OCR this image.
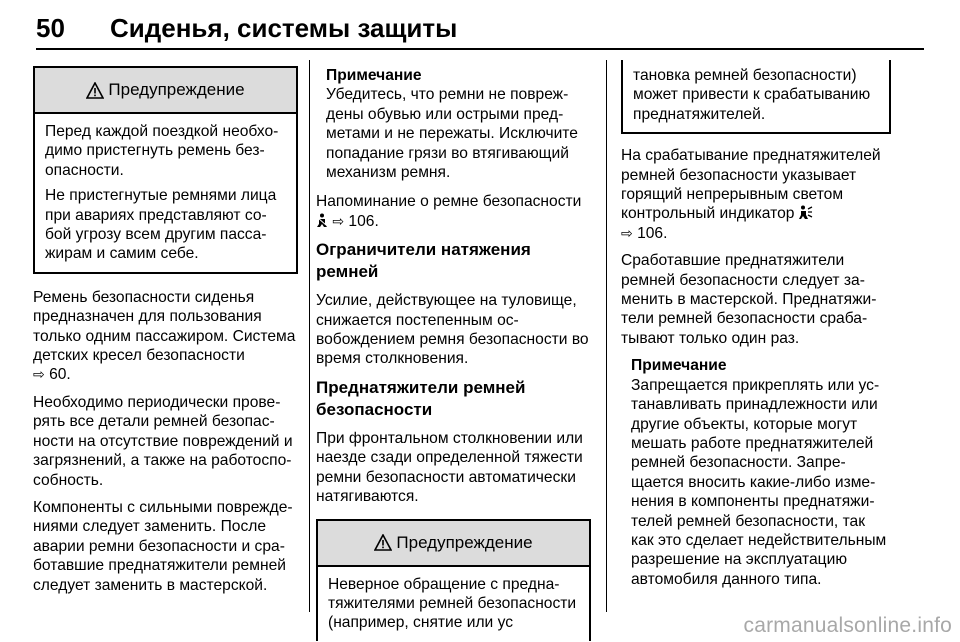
50 Сиденья, системы защиты
Предупреждение

Перед каждой поездкой необходимо пристегнуть ремень безопасности.

Не пристегнутые ремнями лица при авариях представляют собой угрозу всем другим пассажирам и самим себе.

Ремень безопасности сиденья предназначен для пользования только одним пассажиром. Система детских кресел безопасности
⇨ 60.

Необходимо периодически проверять все детали ремней безопасности на отсутствие повреждений и загрязнений, а также на работоспособность.

Компоненты с сильными повреждениями следует заменить. После аварии ремни безопасности и сработавшие преднатяжители ремней следует заменить в мастерской.

Примечание
Убедитесь, что ремни не повреждены обувью или острыми предметами и не пережаты. Исключите попадание грязи во втягивающий механизм ремня.

Напоминание о ремне безопасности  ⇨ 106.

Ограничители натяжения ремней

Усилие, действующее на туловище, снижается постепенным освобождением ремня безопасности во время столкновения.

Преднатяжители ремней безопасности

При фронтальном столкновении или наезде сзади определенной тяжести ремни безопасности автоматически натягиваются.

Предупреждение

Неверное обращение с преднатяжителями ремней безопасности (например, снятие или ус

тановка ремней безопасности) может привести к срабатыванию преднатяжителей.

На срабатывание преднатяжителей ремней безопасности указывает горящий непрерывным светом контрольный индикатор
⇨ 106.

Сработавшие преднатяжители ремней безопасности следует заменить в мастерской. Преднатяжители ремней безопасности срабатывают только один раз.

Примечание
Запрещается прикреплять или устанавливать принадлежности или другие объекты, которые могут мешать работе преднатяжителей ремней безопасности. Запрещается вносить какие-либо изменения в компоненты преднатяжителей ремней безопасности, так как это сделает недействительным разрешение на эксплуатацию автомобиля данного типа.
carmanualsonline.info
